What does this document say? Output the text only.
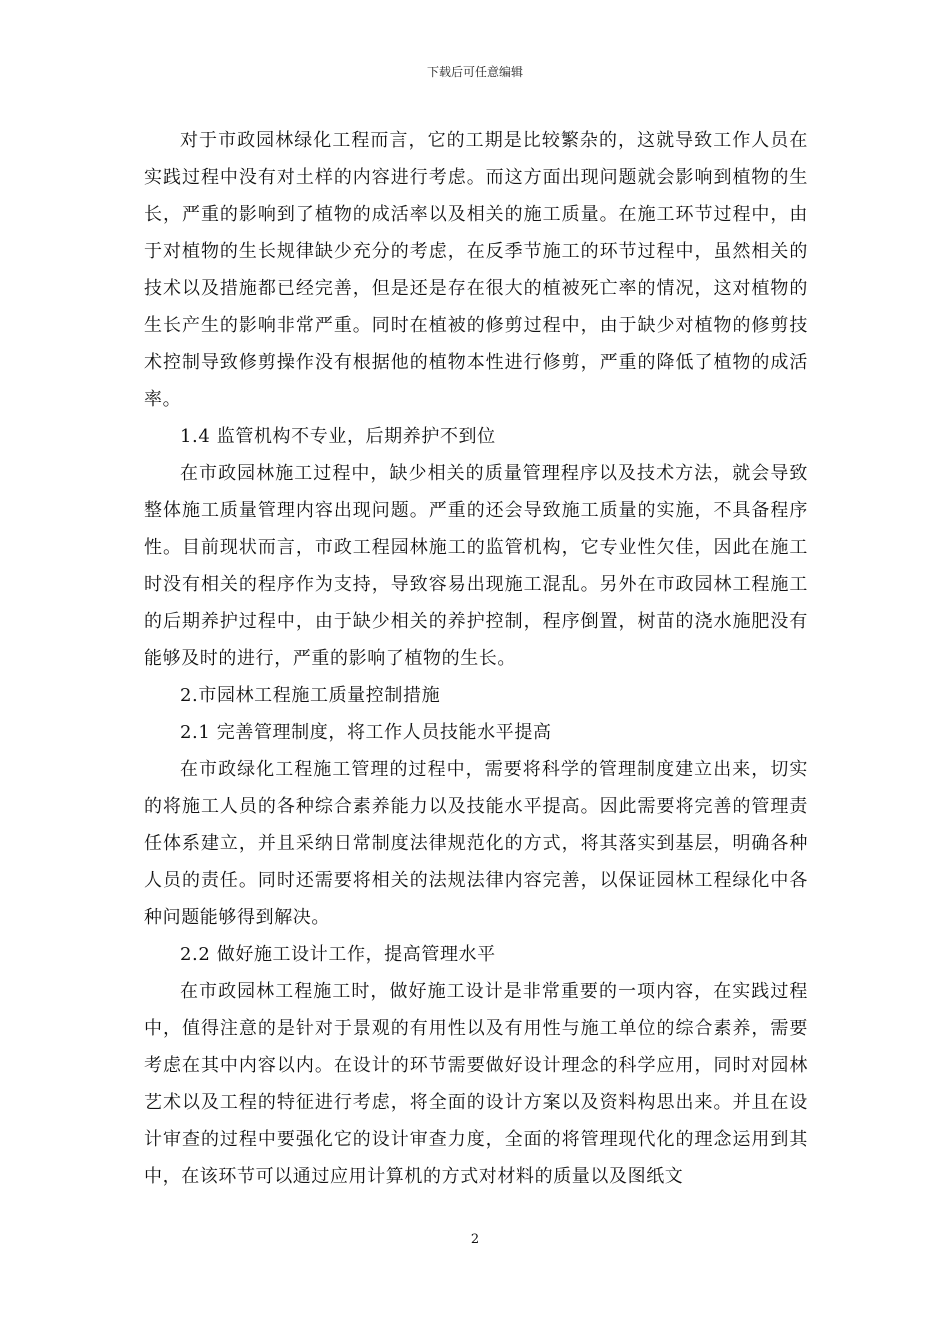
下载后可任意编辑

对于市政园林绿化工程而言，它的工期是比较繁杂的，这就导致工作人员在实践过程中没有对土样的内容进行考虑。而这方面出现问题就会影响到植物的生长，严重的影响到了植物的成活率以及相关的施工质量。在施工环节过程中，由于对植物的生长规律缺少充分的考虑，在反季节施工的环节过程中，虽然相关的技术以及措施都已经完善，但是还是存在很大的植被死亡率的情况，这对植物的生长产生的影响非常严重。同时在植被的修剪过程中，由于缺少对植物的修剪技术控制导致修剪操作没有根据他的植物本性进行修剪，严重的降低了植物的成活率。

1.4 监管机构不专业，后期养护不到位

在市政园林施工过程中，缺少相关的质量管理程序以及技术方法，就会导致整体施工质量管理内容出现问题。严重的还会导致施工质量的实施，不具备程序性。目前现状而言，市政工程园林施工的监管机构，它专业性欠佳，因此在施工时没有相关的程序作为支持，导致容易出现施工混乱。另外在市政园林工程施工的后期养护过程中，由于缺少相关的养护控制，程序倒置，树苗的浇水施肥没有能够及时的进行，严重的影响了植物的生长。

2.市园林工程施工质量控制措施

2.1 完善管理制度，将工作人员技能水平提高

在市政绿化工程施工管理的过程中，需要将科学的管理制度建立出来，切实的将施工人员的各种综合素养能力以及技能水平提高。因此需要将完善的管理责任体系建立，并且采纳日常制度法律规范化的方式，将其落实到基层，明确各种人员的责任。同时还需要将相关的法规法律内容完善，以保证园林工程绿化中各种问题能够得到解决。

2.2 做好施工设计工作，提高管理水平

在市政园林工程施工时，做好施工设计是非常重要的一项内容，在实践过程中，值得注意的是针对于景观的有用性以及有用性与施工单位的综合素养，需要考虑在其中内容以内。在设计的环节需要做好设计理念的科学应用，同时对园林艺术以及工程的特征进行考虑，将全面的设计方案以及资料构思出来。并且在设计审查的过程中要强化它的设计审查力度，全面的将管理现代化的理念运用到其中，在该环节可以通过应用计算机的方式对材料的质量以及图纸文

2
